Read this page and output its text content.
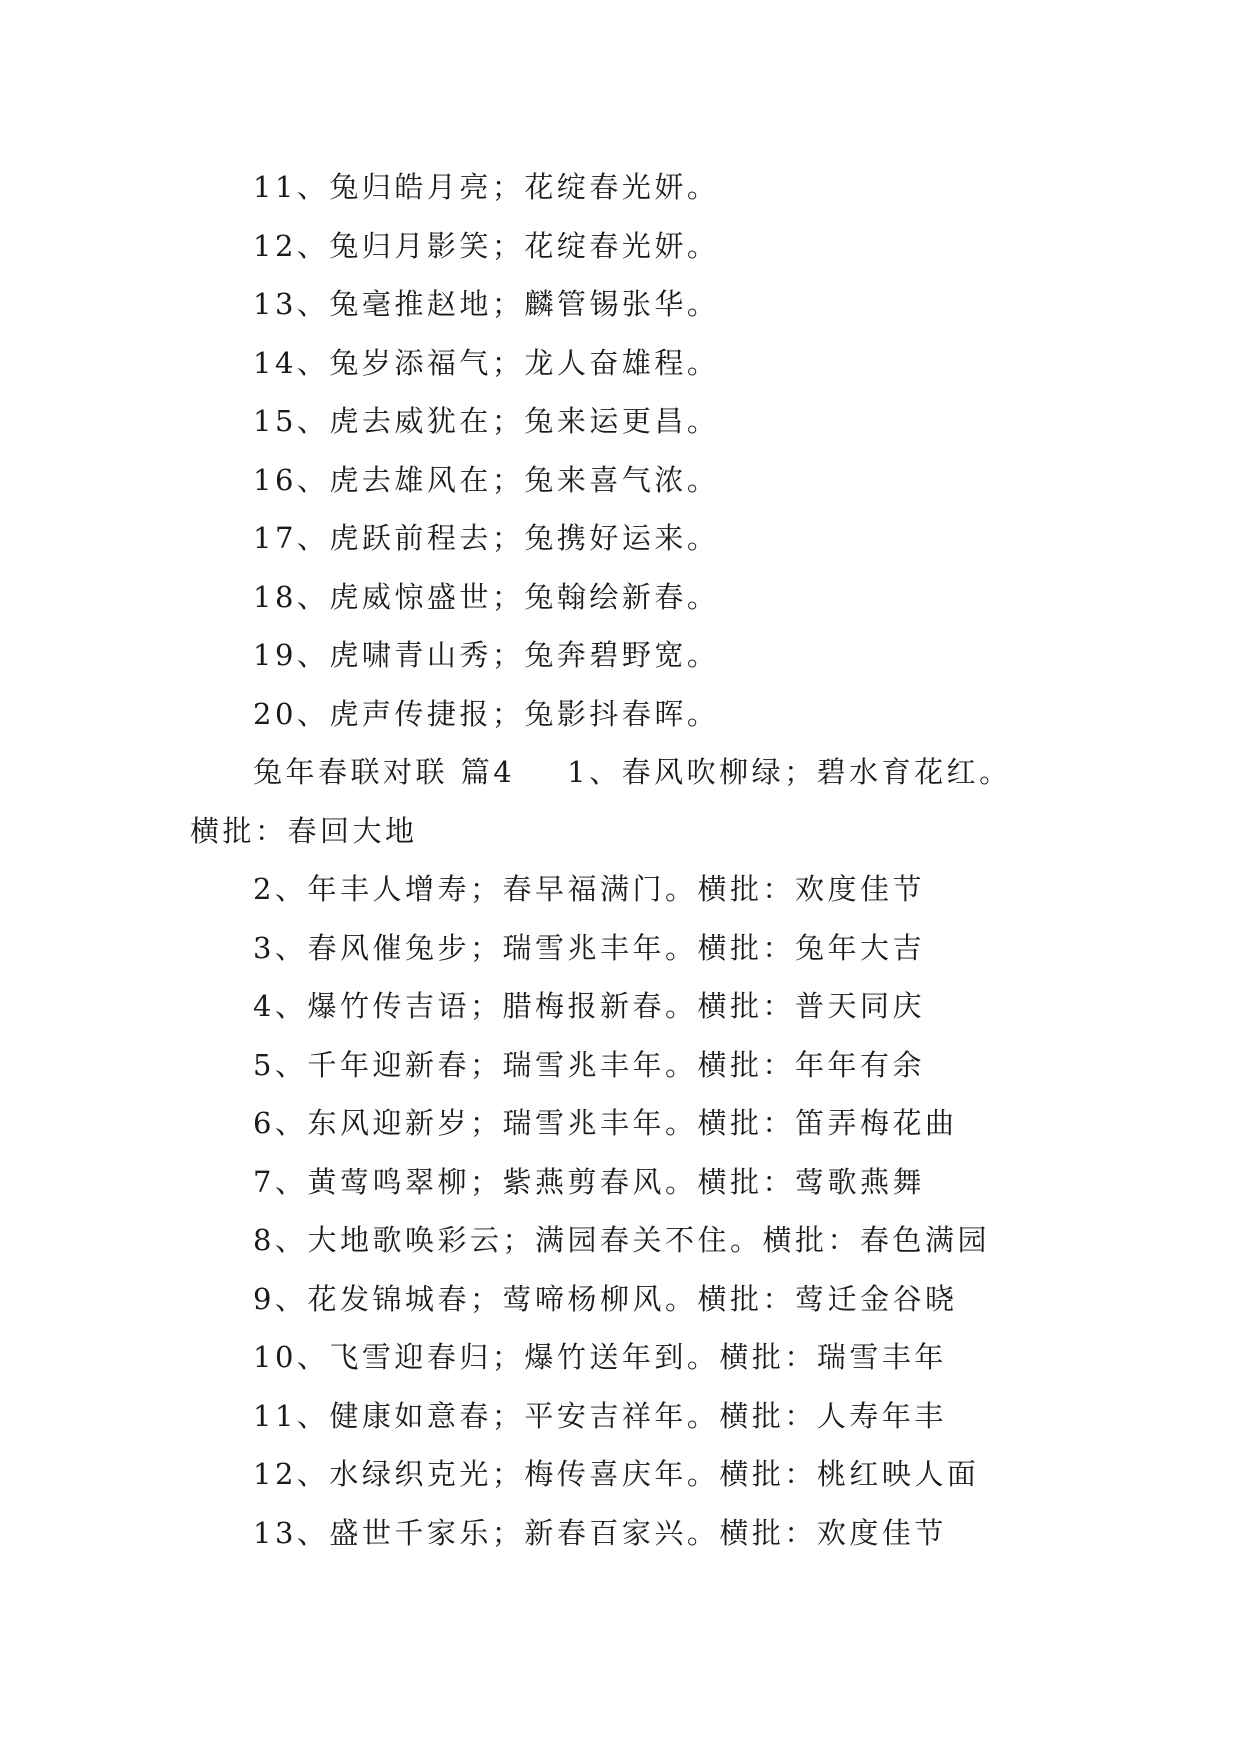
11、兔归皓月亮；花绽春光妍。
12、兔归月影笑；花绽春光妍。
13、兔毫推赵地；麟管锡张华。
14、兔岁添福气；龙人奋雄程。
15、虎去威犹在；兔来运更昌。
16、虎去雄风在；兔来喜气浓。
17、虎跃前程去；兔携好运来。
18、虎威惊盛世；兔翰绘新春。
19、虎啸青山秀；兔奔碧野宽。
20、虎声传捷报；兔影抖春晖。
兔年春联对联 篇4 1、春风吹柳绿；碧水育花红。
横批：春回大地
2、年丰人增寿；春早福满门。横批：欢度佳节
3、春风催兔步；瑞雪兆丰年。横批：兔年大吉
4、爆竹传吉语；腊梅报新春。横批：普天同庆
5、千年迎新春；瑞雪兆丰年。横批：年年有余
6、东风迎新岁；瑞雪兆丰年。横批：笛弄梅花曲
7、黄莺鸣翠柳；紫燕剪春风。横批：莺歌燕舞
8、大地歌唤彩云；满园春关不住。横批：春色满园
9、花发锦城春；莺啼杨柳风。横批：莺迁金谷晓
10、飞雪迎春归；爆竹送年到。横批：瑞雪丰年
11、健康如意春；平安吉祥年。横批：人寿年丰
12、水绿织克光；梅传喜庆年。横批：桃红映人面
13、盛世千家乐；新春百家兴。横批：欢度佳节
